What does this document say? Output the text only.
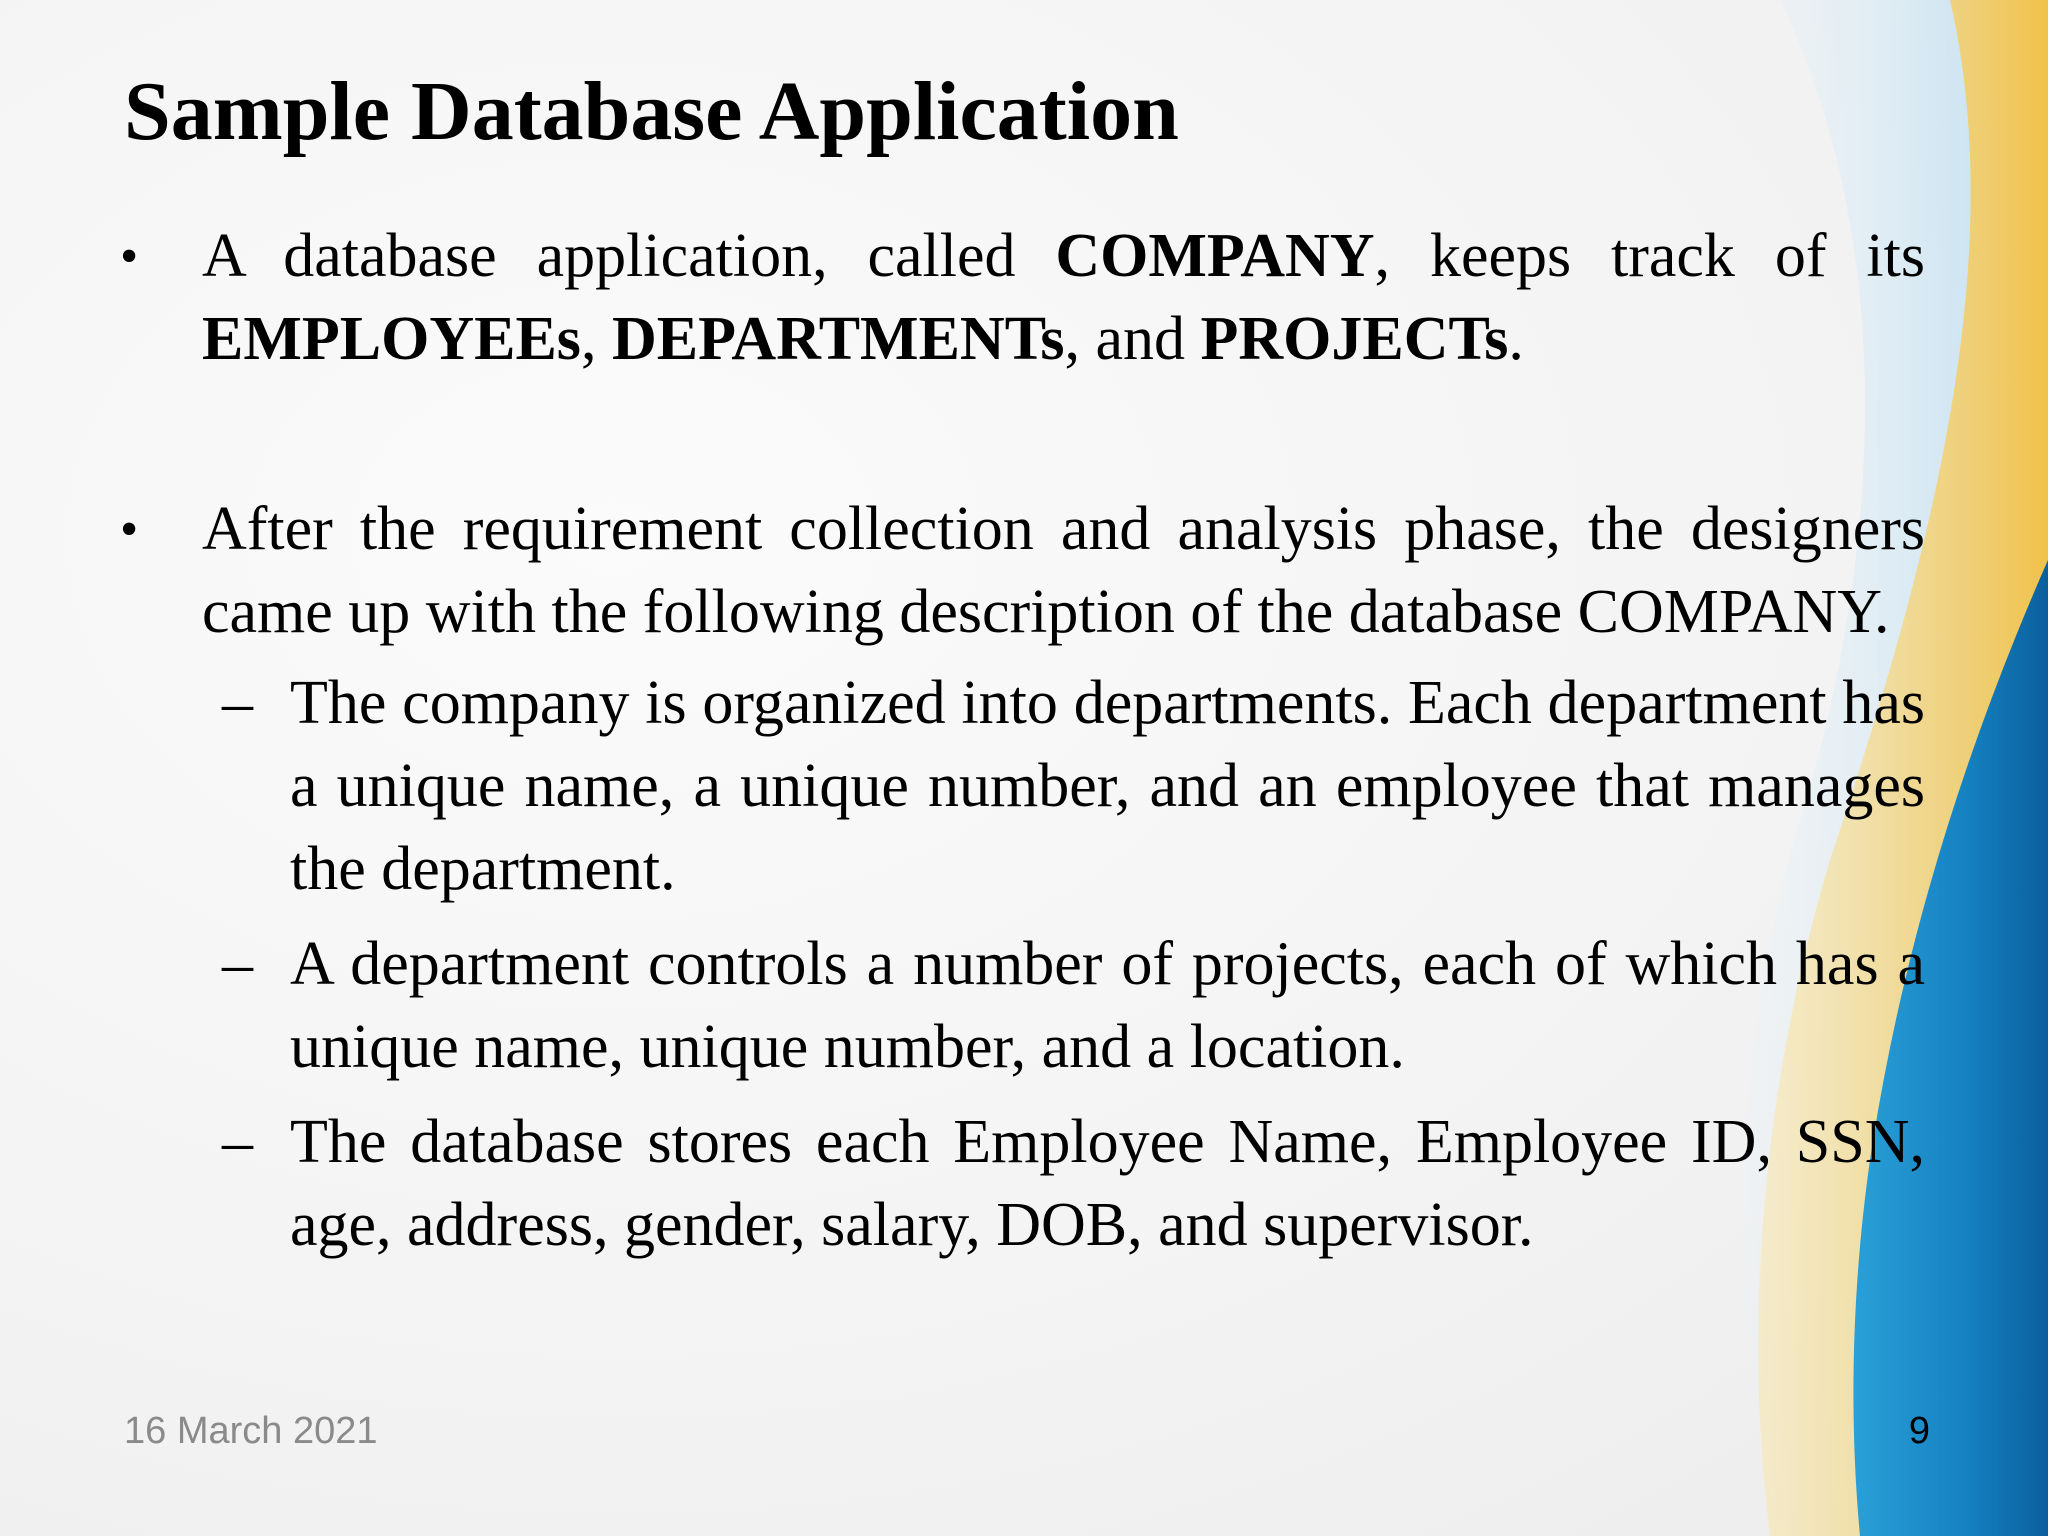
Sample Database Application
• A database application, called COMPANY, keeps track of its EMPLOYEEs, DEPARTMENTs, and PROJECTs.
• After the requirement collection and analysis phase, the designers came up with the following description of the database COMPANY.
– The company is organized into departments. Each department has a unique name, a unique number, and an employee that manages the department.
– A department controls a number of projects, each of which has a unique name, unique number, and a location.
– The database stores each Employee Name, Employee ID, SSN, age, address, gender, salary, DOB, and supervisor.
16 March 2021	9
